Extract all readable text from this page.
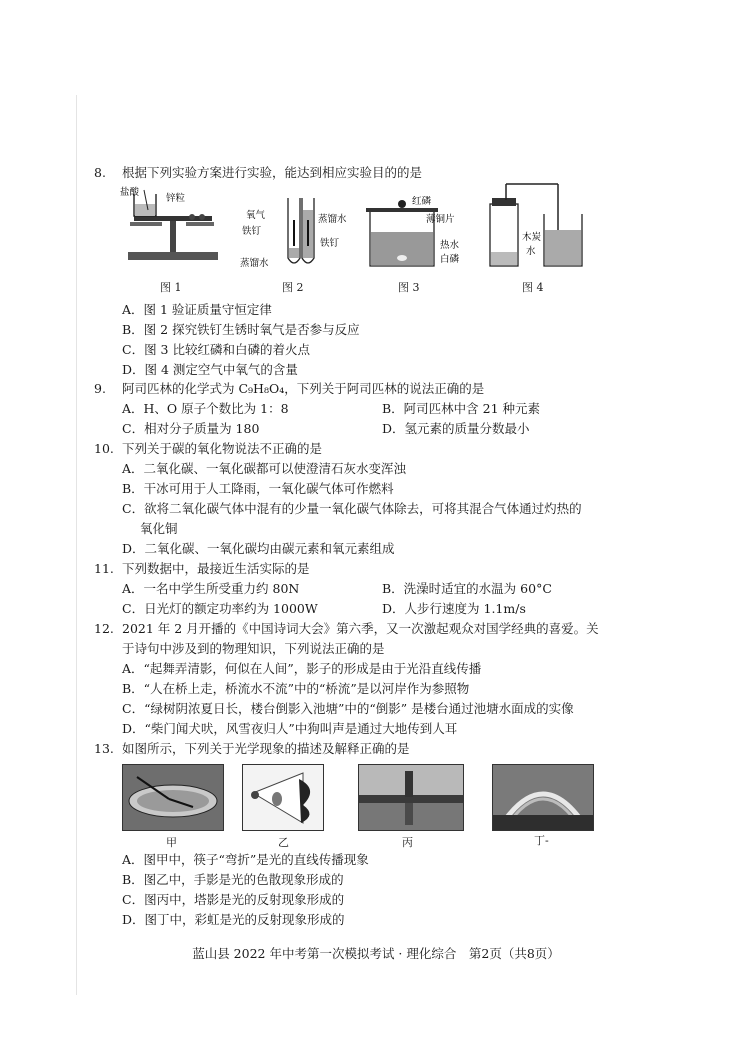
8. 根据下列实验方案进行实验，能达到相应实验目的的是
盐酸
锌粒
图 1
氧气
铁钉
蒸馏水
蒸馏水
铁钉
图 2
红磷
薄铜片
热水
白磷
图 3
木炭
水
图 4
A．图 1 验证质量守恒定律
B．图 2 探究铁钉生锈时氧气是否参与反应
C．图 3 比较红磷和白磷的着火点
D．图 4 测定空气中氧气的含量
9. 阿司匹林的化学式为 C₉H₈O₄，下列关于阿司匹林的说法正确的是
A．H、O 原子个数比为 1：8	B．阿司匹林中含 21 种元素
C．相对分子质量为 180	D．氢元素的质量分数最小
10. 下列关于碳的氧化物说法不正确的是
A．二氧化碳、一氧化碳都可以使澄清石灰水变浑浊
B．干冰可用于人工降雨，一氧化碳气体可作燃料
C．欲将二氧化碳气体中混有的少量一氧化碳气体除去，可将其混合气体通过灼热的
氧化铜
D．二氧化碳、一氧化碳均由碳元素和氧元素组成
11. 下列数据中，最接近生活实际的是
A．一名中学生所受重力约 80N	B．洗澡时适宜的水温为 60°C
C．日光灯的额定功率约为 1000W	D．人步行速度为 1.1m/s
12. 2021 年 2 月开播的《中国诗词大会》第六季，又一次激起观众对国学经典的喜爱。关
于诗句中涉及到的物理知识，下列说法正确的是
A．“起舞弄清影，何似在人间”，影子的形成是由于光沿直线传播
B．“人在桥上走，桥流水不流”中的“桥流”是以河岸作为参照物
C．“绿树阴浓夏日长，楼台倒影入池塘”中的“倒影” 是楼台通过池塘水面成的实像
D．“柴门闻犬吠，风雪夜归人”中狗叫声是通过大地传到人耳
13. 如图所示，下列关于光学现象的描述及解释正确的是
甲	乙	丙	丁-
A．图甲中，筷子“弯折”是光的直线传播现象
B．图乙中，手影是光的色散现象形成的
C．图丙中，塔影是光的反射现象形成的
D．图丁中，彩虹是光的反射现象形成的
蓝山县 2022 年中考第一次模拟考试 · 理化综合　第2页（共8页）
